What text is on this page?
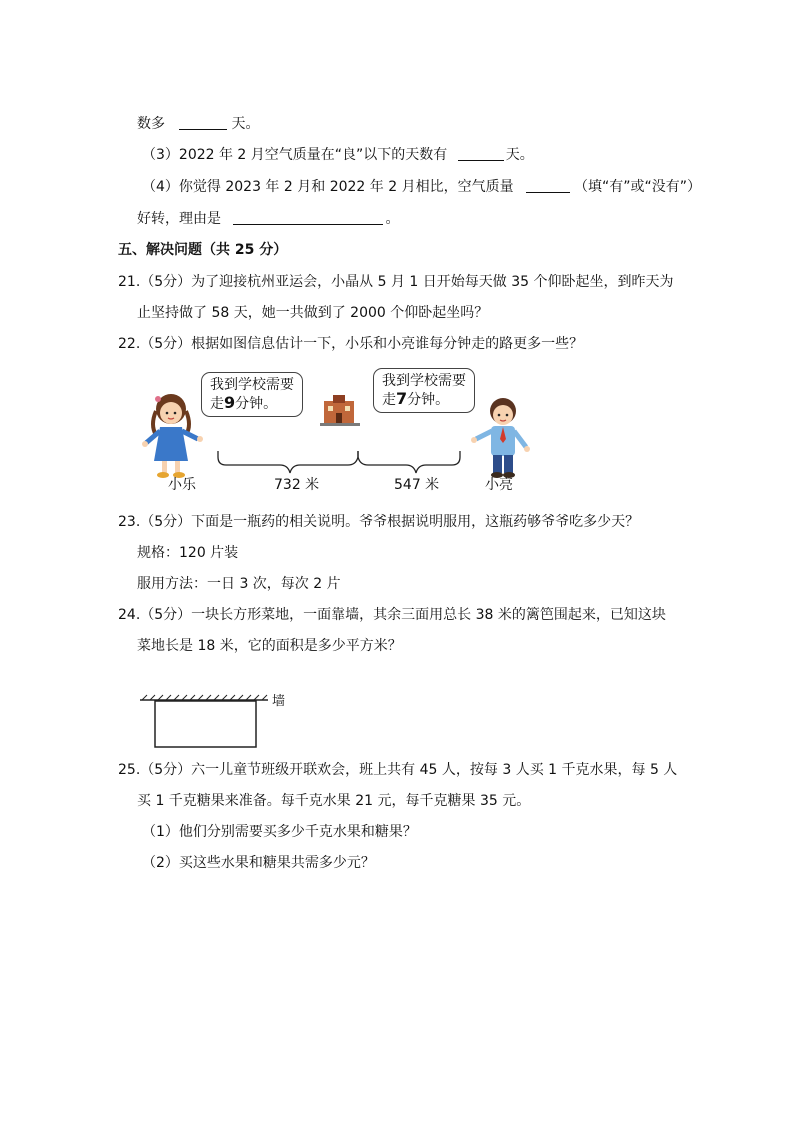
数多	天。
（3）2022 年 2 月空气质量在“良”以下的天数有	天。
（4）你觉得 2023 年 2 月和 2022 年 2 月相比，空气质量	（填“有”或“没有”）
好转，理由是	。
五、解决问题（共 25 分）
21.（5分）为了迎接杭州亚运会，小晶从 5 月 1 日开始每天做 35 个仰卧起坐，到昨天为
止坚持做了 58 天，她一共做到了 2000 个仰卧起坐吗？
22.（5分）根据如图信息估计一下，小乐和小亮谁每分钟走的路更多一些？
我到学校需要
走9分钟。
我到学校需要
走7分钟。
732 米	547 米
小乐	小亮
23.（5分）下面是一瓶药的相关说明。爷爷根据说明服用，这瓶药够爷爷吃多少天？
规格：120 片装
服用方法：一日 3 次，每次 2 片
24.（5分）一块长方形菜地，一面靠墙，其余三面用总长 38 米的篱笆围起来，已知这块
菜地长是 18 米，它的面积是多少平方米？
墙
25.（5分）六一儿童节班级开联欢会，班上共有 45 人，按每 3 人买 1 千克水果，每 5 人
买 1 千克糖果来准备。每千克水果 21 元，每千克糖果 35 元。
（1）他们分别需要买多少千克水果和糖果？
（2）买这些水果和糖果共需多少元？
